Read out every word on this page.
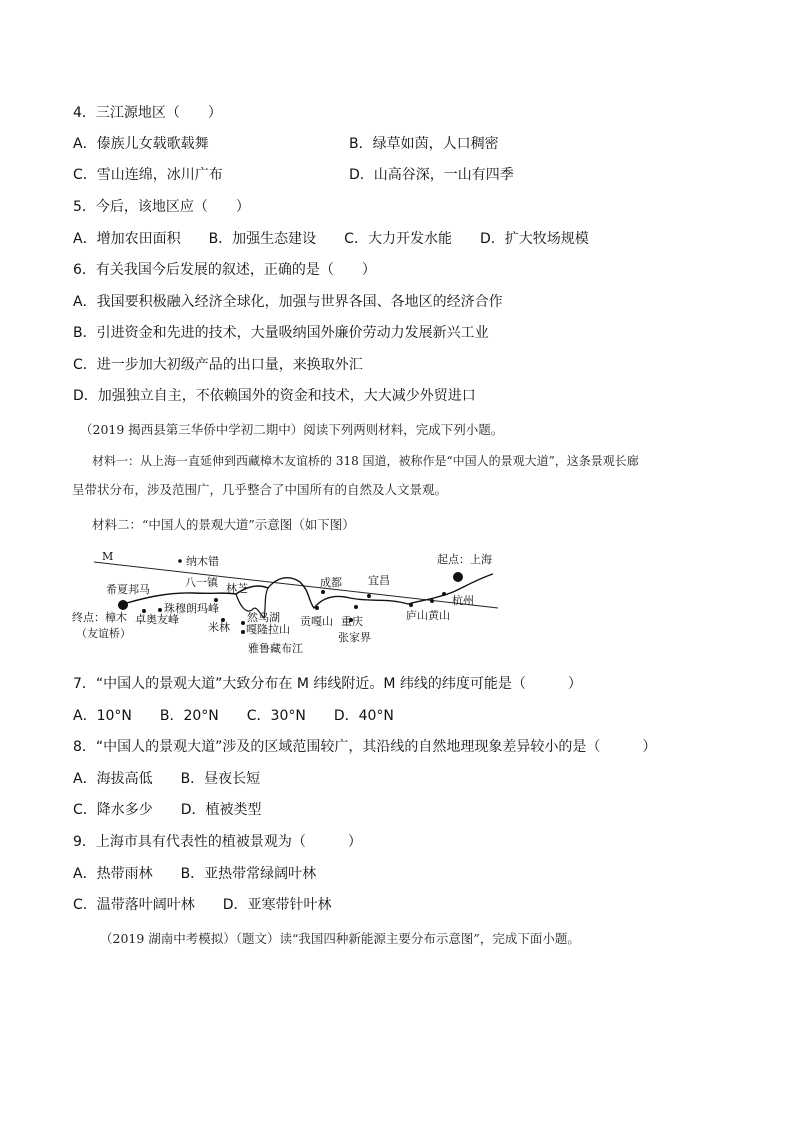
4．三江源地区（　　）
A．傣族儿女载歌载舞	B．绿草如茵，人口稠密
C．雪山连绵，冰川广布	D．山高谷深，一山有四季
5．今后，该地区应（　　）
A．增加农田面积　　B．加强生态建设　　C．大力开发水能　　D．扩大牧场规模
6．有关我国今后发展的叙述，正确的是（　　）
A．我国要积极融入经济全球化，加强与世界各国、各地区的经济合作
B．引进资金和先进的技术，大量吸纳国外廉价劳动力发展新兴工业
C．进一步加大初级产品的出口量，来换取外汇
D．加强独立自主，不依赖国外的资金和技术，大大减少外贸进口
（2019 揭西县第三华侨中学初二期中）阅读下列两则材料，完成下列小题。
材料一：从上海一直延伸到西藏樟木友谊桥的 318 国道，被称作是“中国人的景观大道”，这条景观长廊
呈带状分布，涉及范围广，几乎整合了中国所有的自然及人文景观。
材料二：“中国人的景观大道”示意图（如下图）
M	纳木错
希夏邦马
八一镇 林芝	成都 宜昌
起点：上海
杭州
终点：樟木
（友谊桥）
卓奥友峰
珠穆朗玛峰
米林
然乌湖
嘎隆拉山
雅鲁藏布江
贡嘎山 重庆
张家界
庐山黄山
7．“中国人的景观大道”大致分布在 M 纬线附近。M 纬线的纬度可能是（　　　）
A．10°N　　B．20°N　　C．30°N　　D．40°N
8．“中国人的景观大道”涉及的区域范围较广，其沿线的自然地理现象差异较小的是（　　　）
A．海拔高低　　B．昼夜长短
C．降水多少　　D．植被类型
9．上海市具有代表性的植被景观为（　　　）
A．热带雨林　　B．亚热带常绿阔叶林
C．温带落叶阔叶林　　D．亚寒带针叶林
（2019 湖南中考模拟）（题文）读“我国四种新能源主要分布示意图”，完成下面小题。
